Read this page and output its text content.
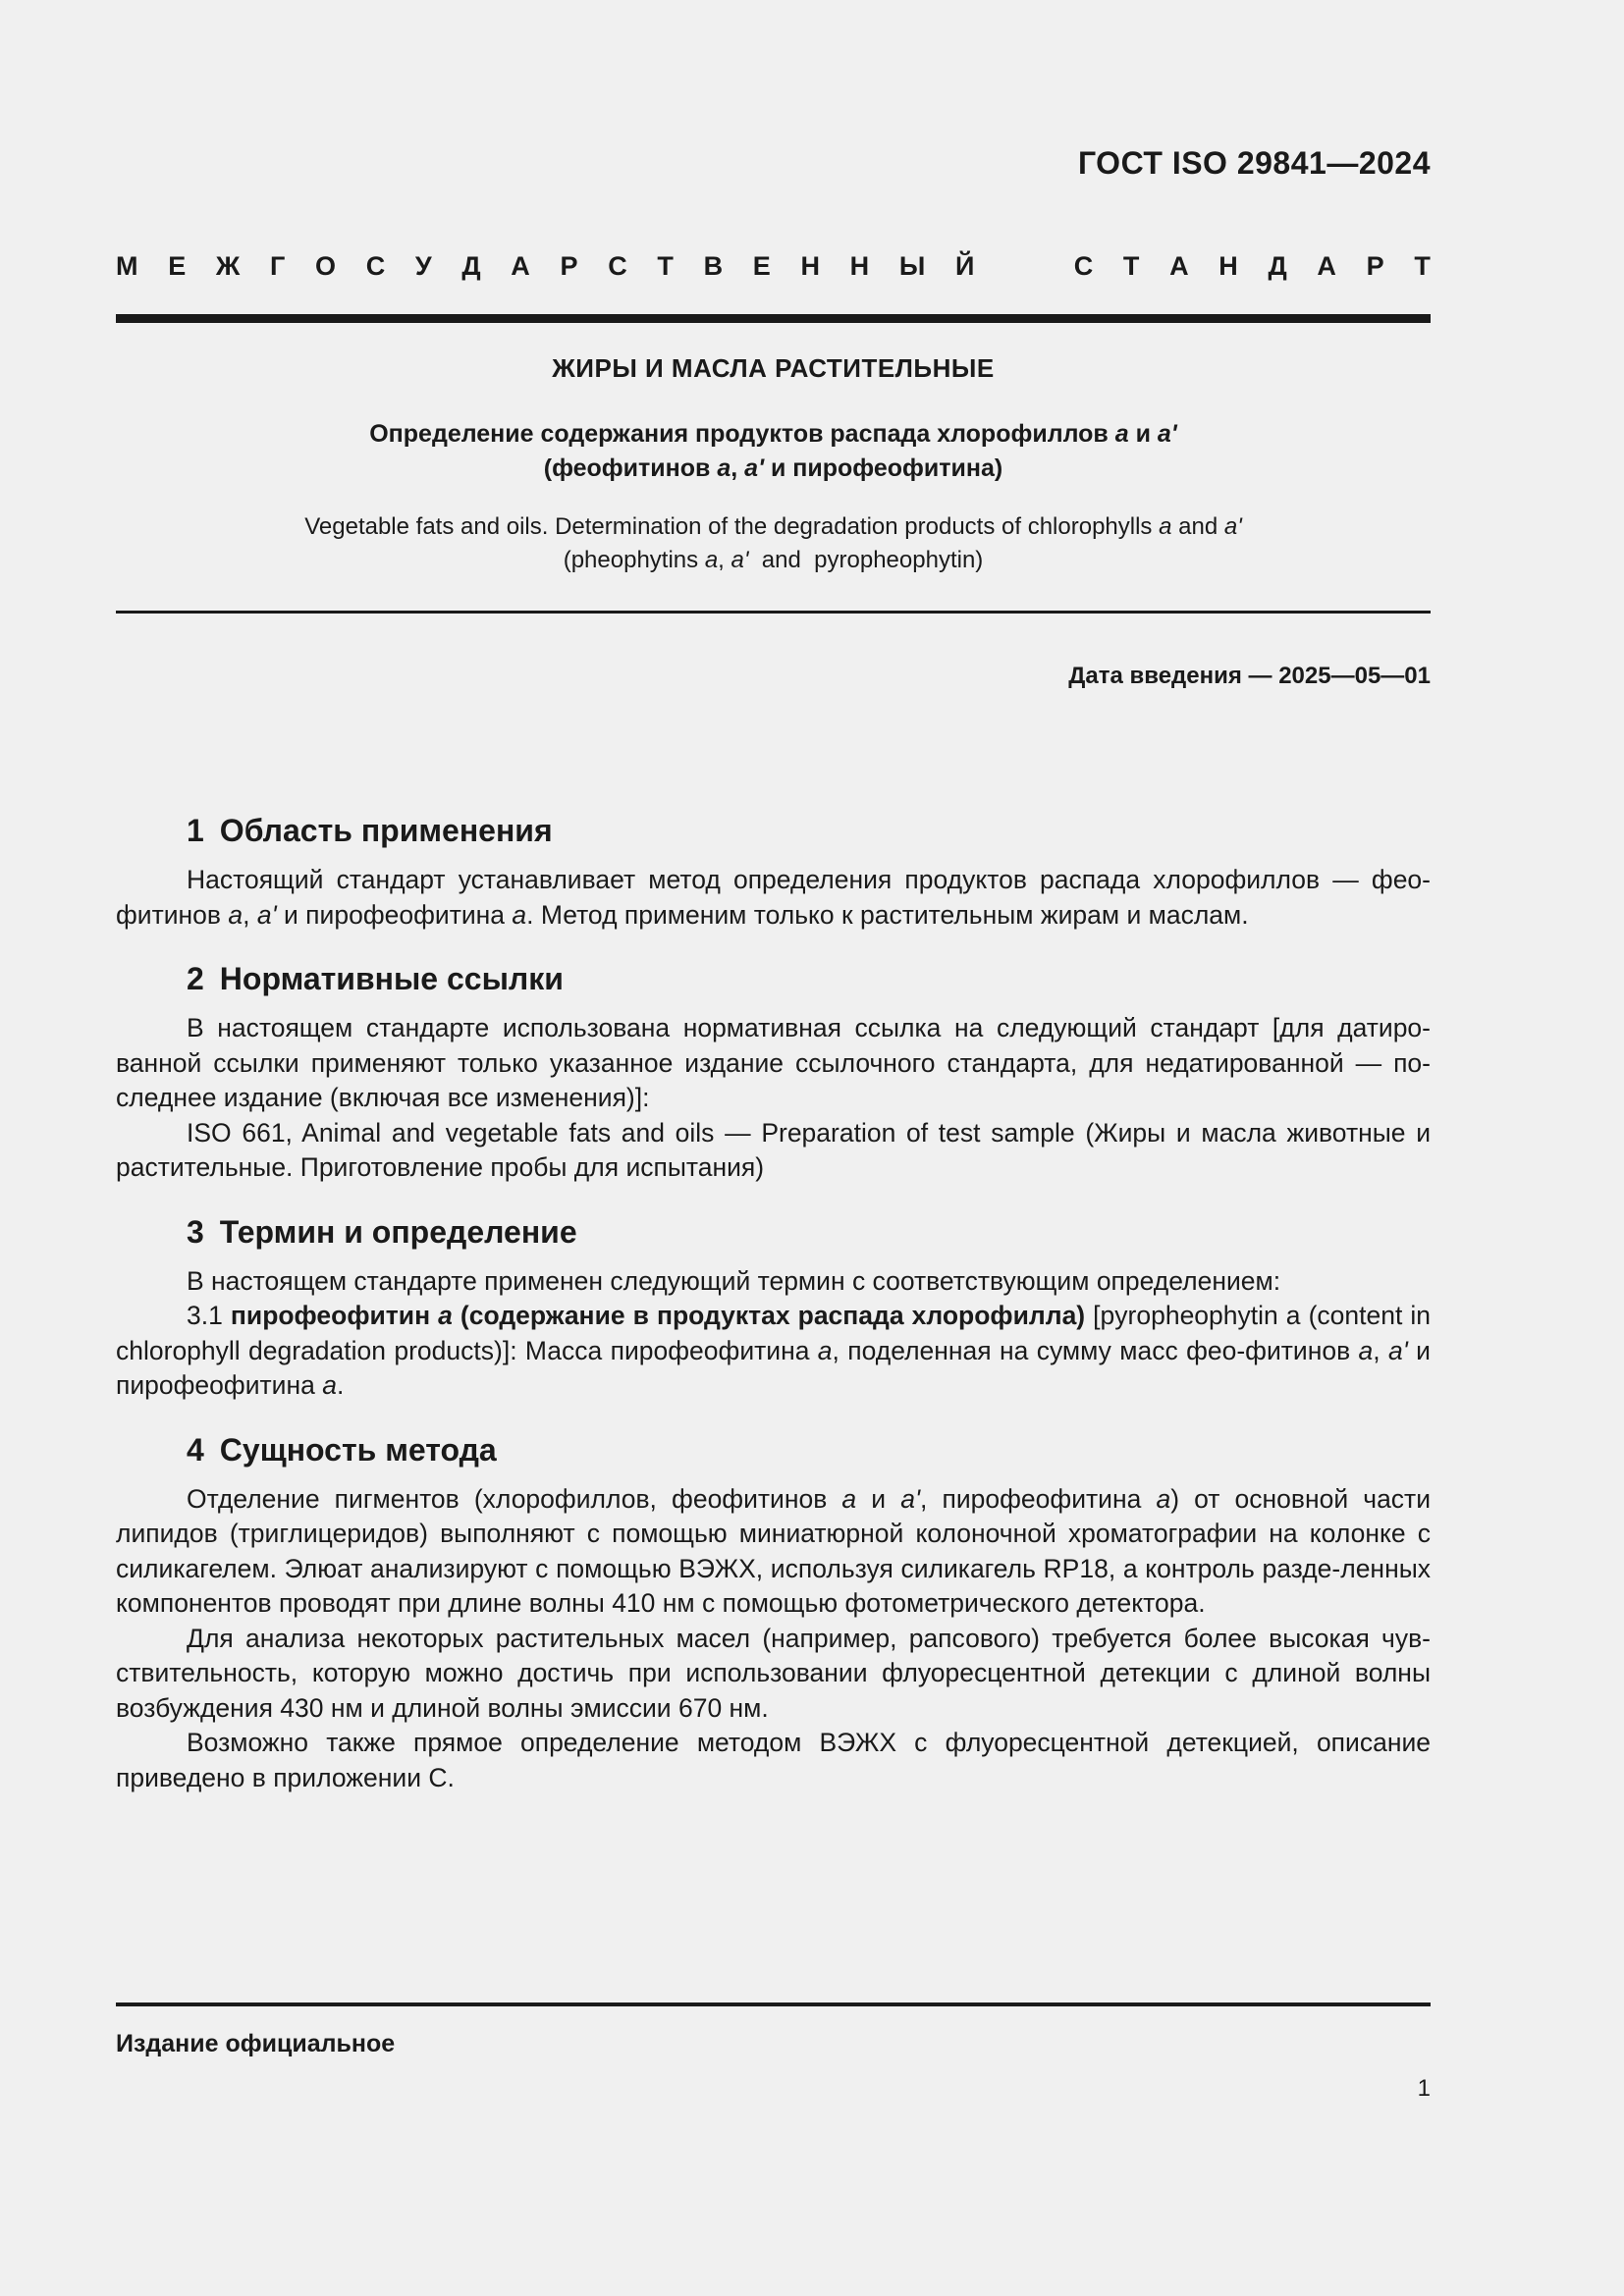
ГОСТ ISO 29841—2024
М Е Ж Г О С У Д А Р С Т В Е Н Н Ы Й	С Т А Н Д А Р Т
ЖИРЫ И МАСЛА РАСТИТЕЛЬНЫЕ
Определение содержания продуктов распада хлорофиллов a и a'
(феофитинов a, a' и пирофеофитина)
Vegetable fats and oils. Determination of the degradation products of chlorophylls a and a'
(pheophytins a, a'  and  pyropheophytin)
Дата введения — 2025—05—01
1 Область применения

Настоящий стандарт устанавливает метод определения продуктов распада хлорофиллов — фео-фитинов a, a' и пирофеофитина a. Метод применим только к растительным жирам и маслам.

2 Нормативные ссылки

В настоящем стандарте использована нормативная ссылка на следующий стандарт [для датиро-ванной ссылки применяют только указанное издание ссылочного стандарта, для недатированной — по-следнее издание (включая все изменения)]:

ISO 661, Animal and vegetable fats and oils — Preparation of test sample (Жиры и масла животные и растительные. Приготовление пробы для испытания)

3 Термин и определение

В настоящем стандарте применен следующий термин с соответствующим определением:

3.1 пирофеофитин a (содержание в продуктах распада хлорофилла) [pyropheophytin a (content in chlorophyll degradation products)]: Масса пирофеофитина a, поделенная на сумму масс фео-фитинов a, a' и пирофеофитина a.

4 Сущность метода

Отделение пигментов (хлорофиллов, феофитинов a и a', пирофеофитина a) от основной части липидов (триглицеридов) выполняют с помощью миниатюрной колоночной хроматографии на колонке с силикагелем. Элюат анализируют с помощью ВЭЖХ, используя силикагель RP18, а контроль разде-ленных компонентов проводят при длине волны 410 нм с помощью фотометрического детектора.

Для анализа некоторых растительных масел (например, рапсового) требуется более высокая чув-ствительность, которую можно достичь при использовании флуоресцентной детекции с длиной волны возбуждения 430 нм и длиной волны эмиссии 670 нм.

Возможно также прямое определение методом ВЭЖХ с флуоресцентной детекцией, описание приведено в приложении С.

Издание официальное
1
